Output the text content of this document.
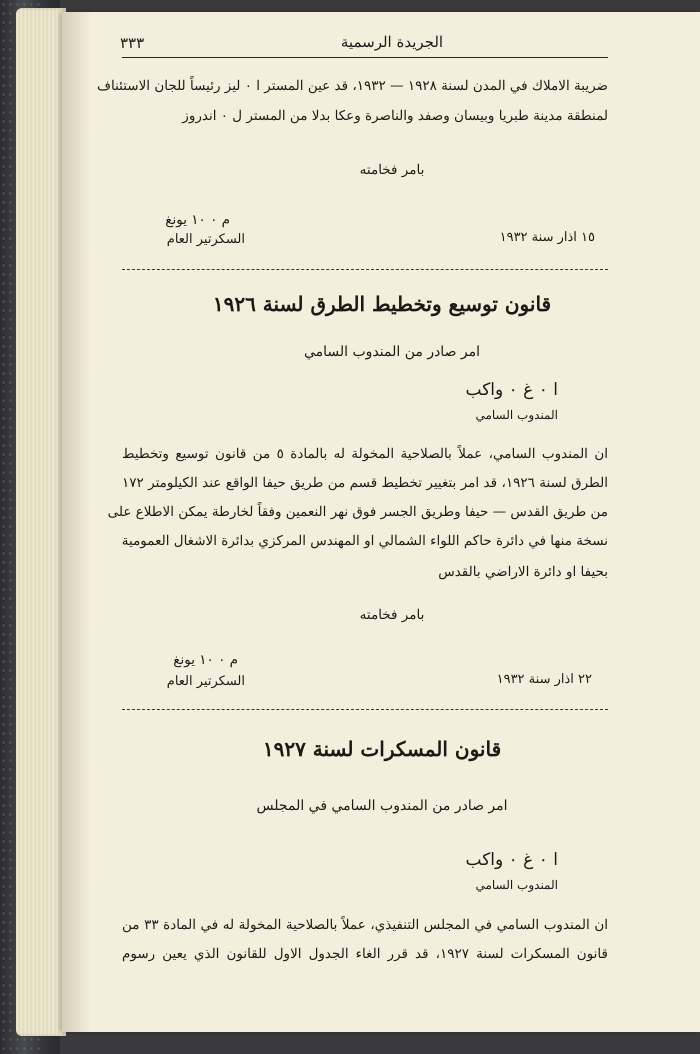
٣٣٣	الجريدة الرسمية
ضريبة الاملاك في المدن لسنة ١٩٢٨ — ١٩٣٢، قد عين المستر ا ٠ ليز رئيساً للجان الاستئناف
لمنطقة مدينة طبريا وبيسان وصفد والناصرة وعكا بدلا من المستر ل ٠ اندروز
بامر فخامته
م ٠ ١٠ يونغ
السكرتير العام	١٥ اذار سنة ١٩٣٢
قانون توسيع وتخطيط الطرق لسنة ١٩٢٦
امر صادر من المندوب السامي
ا ٠ غ ٠ واكب
المندوب السامي
ان المندوب السامي، عملاً بالصلاحية المخولة له بالمادة ٥ من قانون توسيع وتخطيط
الطرق لسنة ١٩٢٦، قد امر بتغيير تخطيط قسم من طريق حيفا الواقع عند الكيلومتر ١٧٢
من طريق القدس — حيفا وطريق الجسر فوق نهر النعمين وفقاً لخارطة يمكن الاطلاع على
نسخة منها في دائرة حاكم اللواء الشمالي او المهندس المركزي بدائرة الاشغال العمومية
بحيفا او دائرة الاراضي بالقدس
بامر فخامته
م ٠ ١٠ يونغ
السكرتير العام	٢٢ اذار سنة ١٩٣٢
قانون المسكرات لسنة ١٩٢٧
امر صادر من المندوب السامي في المجلس
ا ٠ غ ٠ واكب
المندوب السامي
ان المندوب السامي في المجلس التنفيذي، عملاً بالصلاحية المخولة له في المادة ٣٣ من
قانون المسكرات لسنة ١٩٢٧، قد قرر الغاء الجدول الاول للقانون الذي يعين رسوم
